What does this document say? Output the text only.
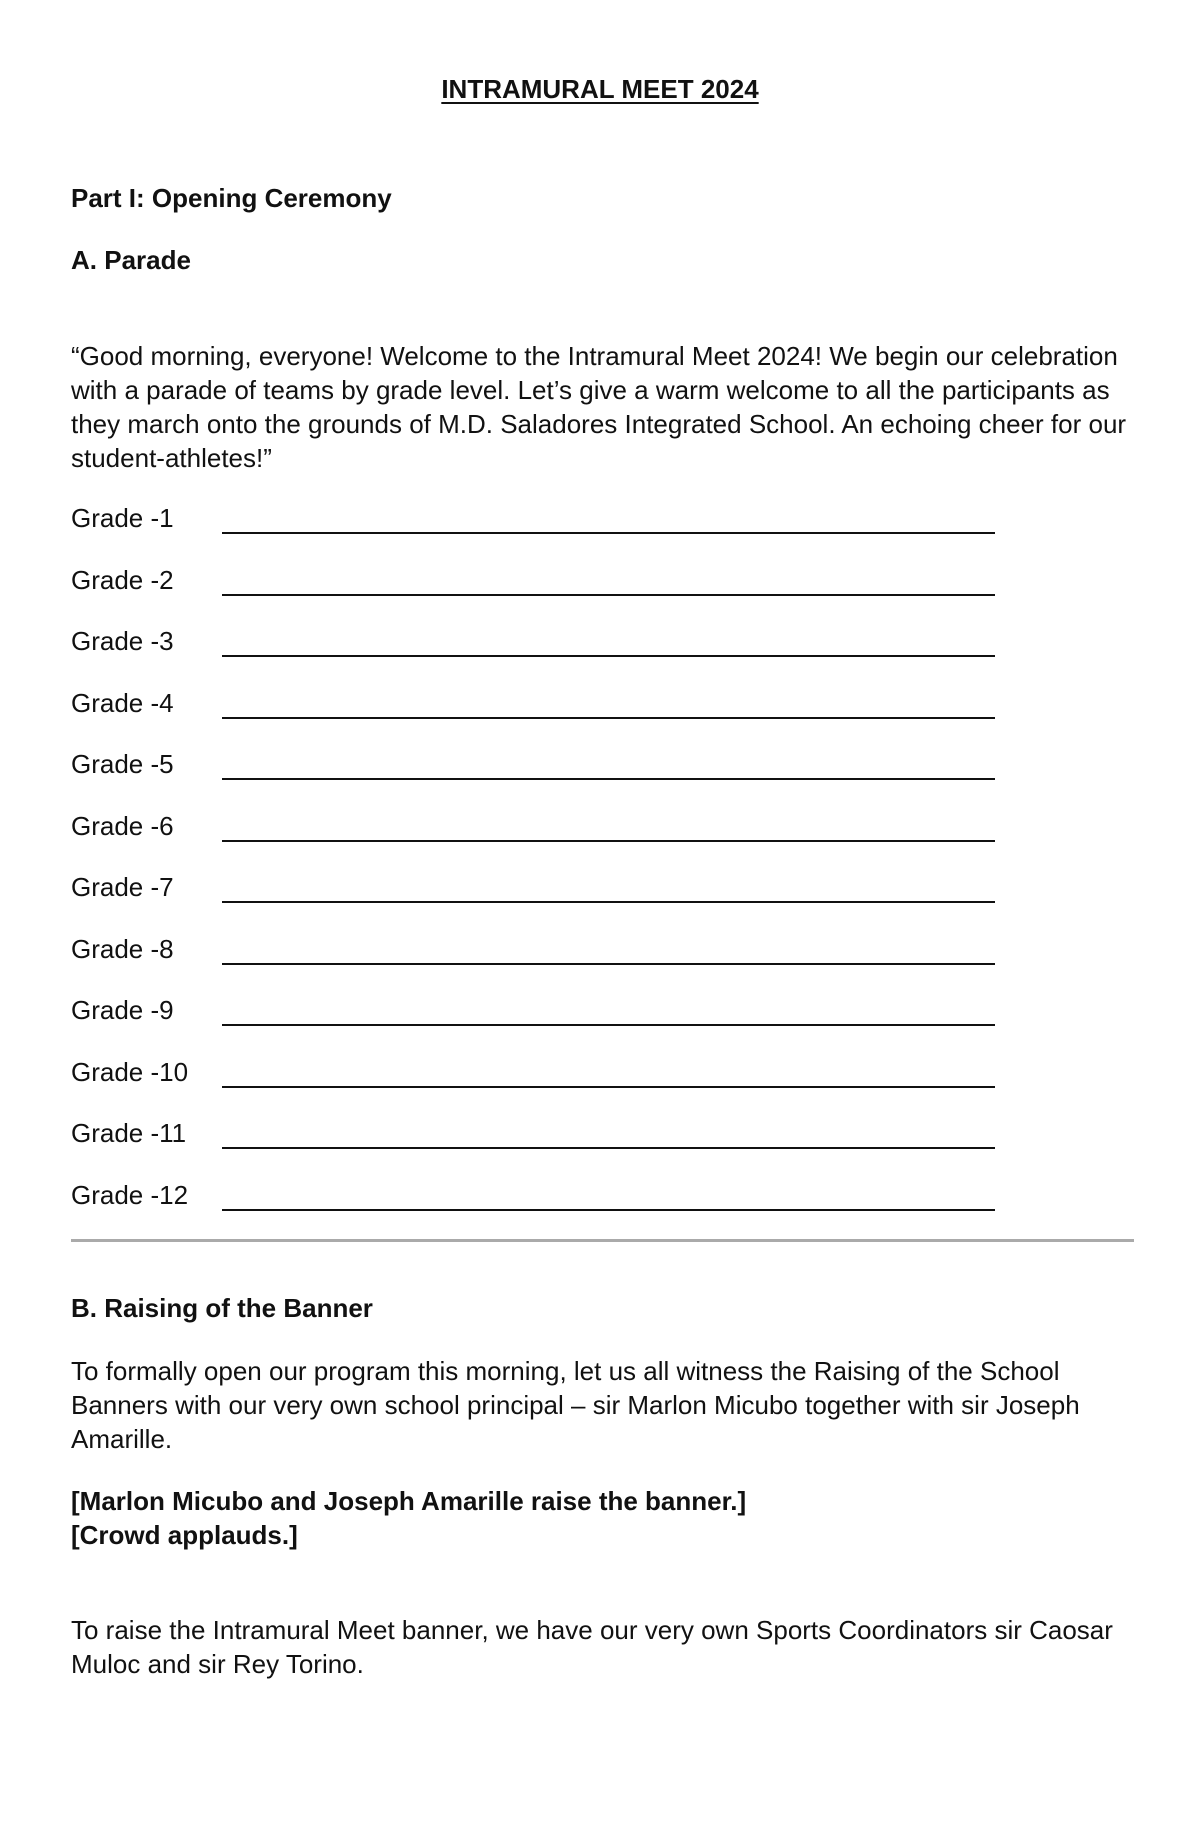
INTRAMURAL MEET 2024
Part I: Opening Ceremony
A. Parade

“Good morning, everyone! Welcome to the Intramural Meet 2024! We begin our celebration with a parade of teams by grade level. Let’s give a warm welcome to all the participants as they march onto the grounds of M.D. Saladores Integrated School. An echoing cheer for our student-athletes!”

Grade -1
Grade -2
Grade -3
Grade -4
Grade -5
Grade -6
Grade -7
Grade -8
Grade -9
Grade -10
Grade -11
Grade -12
B. Raising of the Banner

To formally open our program this morning, let us all witness the Raising of the School Banners with our very own school principal – sir Marlon Micubo together with sir Joseph Amarille.

[Marlon Micubo and Joseph Amarille raise the banner.]

[Crowd applauds.]

To raise the Intramural Meet banner, we have our very own Sports Coordinators sir Caosar Muloc and sir Rey Torino.
